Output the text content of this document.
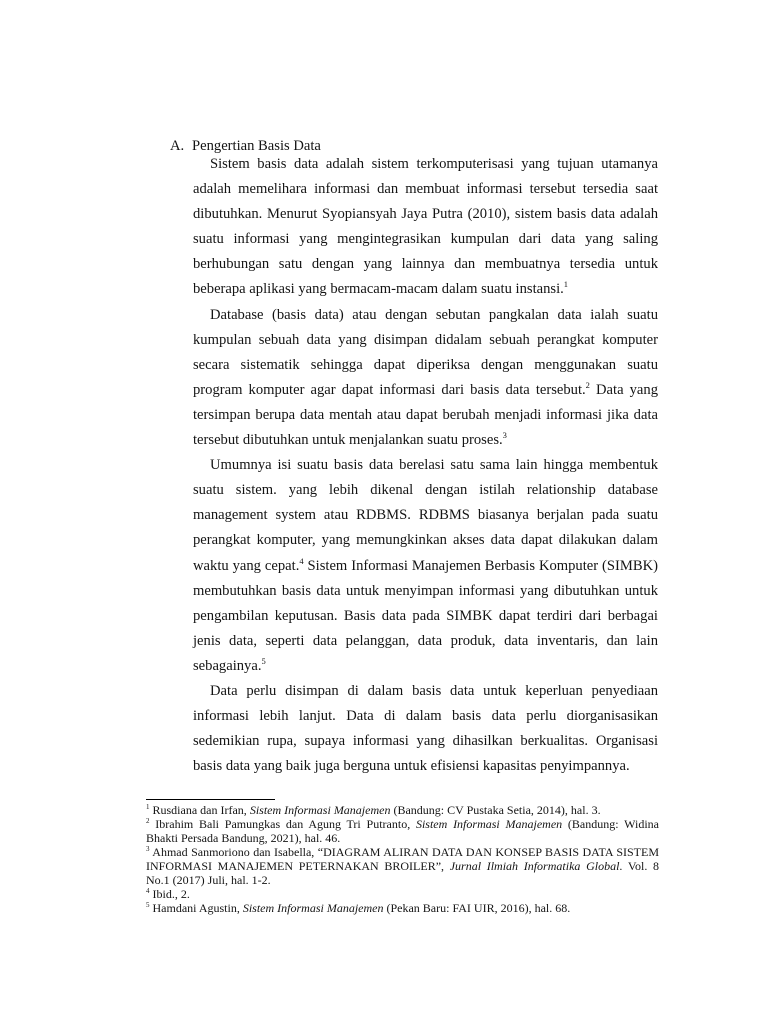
A. Pengertian Basis Data

Sistem basis data adalah sistem terkomputerisasi yang tujuan utamanya adalah memelihara informasi dan membuat informasi tersebut tersedia saat dibutuhkan. Menurut Syopiansyah Jaya Putra (2010), sistem basis data adalah suatu informasi yang mengintegrasikan kumpulan dari data yang saling berhubungan satu dengan yang lainnya dan membuatnya tersedia untuk beberapa aplikasi yang bermacam-macam dalam suatu instansi.$^1$

Database (basis data) atau dengan sebutan pangkalan data ialah suatu kumpulan sebuah data yang disimpan didalam sebuah perangkat komputer secara sistematik sehingga dapat diperiksa dengan menggunakan suatu program komputer agar dapat informasi dari basis data tersebut.$^2$ Data yang tersimpan berupa data mentah atau dapat berubah menjadi informasi jika data tersebut dibutuhkan untuk menjalankan suatu proses.$^3$

Umumnya isi suatu basis data berelasi satu sama lain hingga membentuk suatu sistem. yang lebih dikenal dengan istilah relationship database management system atau RDBMS. RDBMS biasanya berjalan pada suatu perangkat komputer, yang memungkinkan akses data dapat dilakukan dalam waktu yang cepat.$^4$ Sistem Informasi Manajemen Berbasis Komputer (SIMBK) membutuhkan basis data untuk menyimpan informasi yang dibutuhkan untuk pengambilan keputusan. Basis data pada SIMBK dapat terdiri dari berbagai jenis data, seperti data pelanggan, data produk, data inventaris, dan lain sebagainya.$^5$

Data perlu disimpan di dalam basis data untuk keperluan penyediaan informasi lebih lanjut. Data di dalam basis data perlu diorganisasikan sedemikian rupa, supaya informasi yang dihasilkan berkualitas. Organisasi basis data yang baik juga berguna untuk efisiensi kapasitas penyimpannya.

$^1$ Rusdiana dan Irfan, Sistem Informasi Manajemen (Bandung: CV Pustaka Setia, 2014), hal. 3.

$^2$ Ibrahim Bali Pamungkas dan Agung Tri Putranto, Sistem Informasi Manajemen (Bandung: Widina Bhakti Persada Bandung, 2021), hal. 46.

$^3$ Ahmad Sanmoriono dan Isabella, “DIAGRAM ALIRAN DATA DAN KONSEP BASIS DATA SISTEM INFORMASI MANAJEMEN PETERNAKAN BROILER”, Jurnal Ilmiah Informatika Global. Vol. 8 No.1 (2017) Juli, hal. 1-2.

$^4$ Ibid., 2.

$^5$ Hamdani Agustin, Sistem Informasi Manajemen (Pekan Baru: FAI UIR, 2016), hal. 68.
